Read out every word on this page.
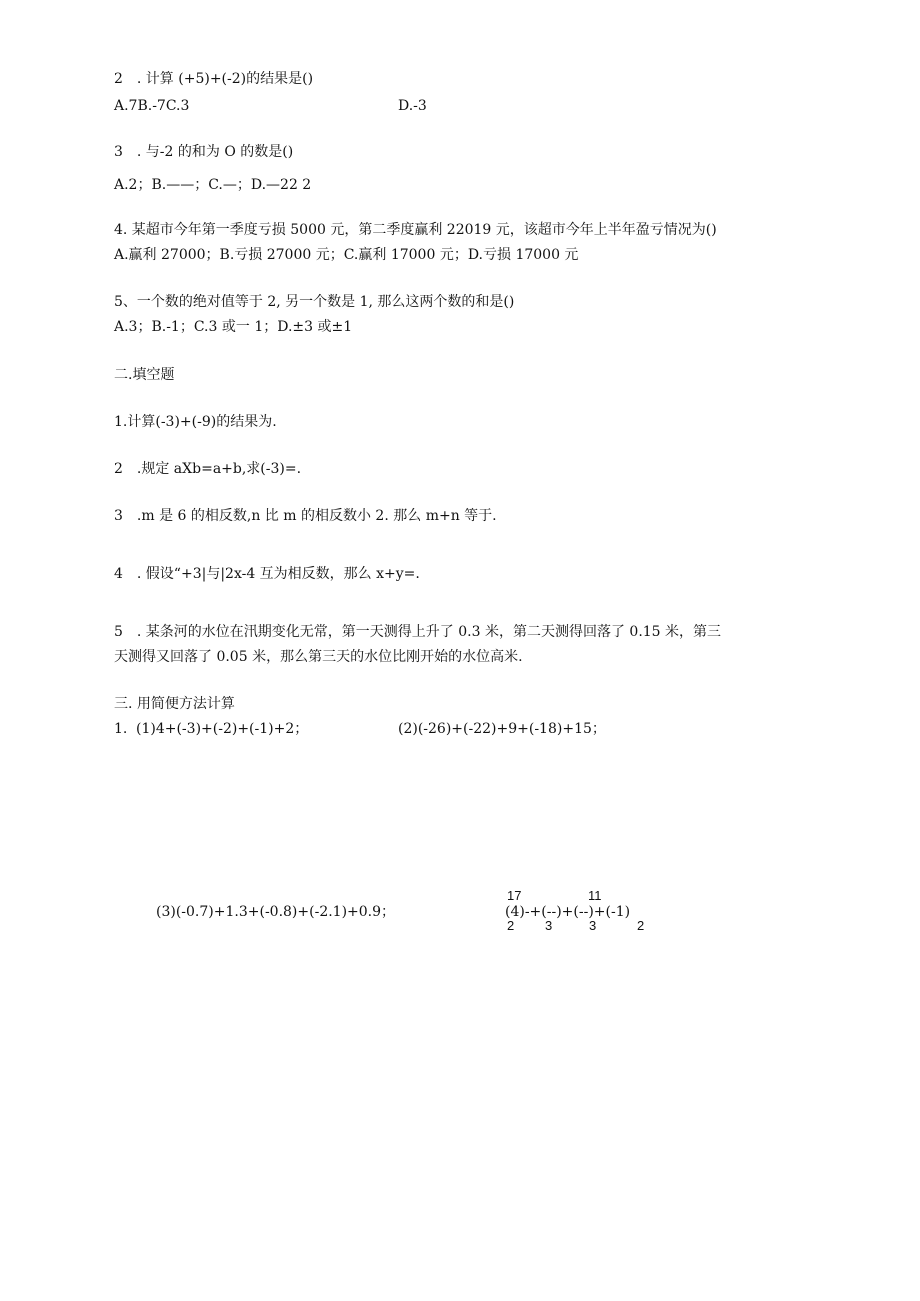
2　. 计算 (+5)+(-2)的结果是()
A.7B.-7C.3	D.-3
3　. 与-2 的和为 O 的数是()
A.2；B.——；C.—；D.—22 2
4. 某超市今年第一季度亏损 5000 元，第二季度赢利 22019 元，该超市今年上半年盈亏情况为()
A.赢利 27000；B.亏损 27000 元；C.赢利 17000 元；D.亏损 17000 元
5、一个数的绝对值等于 2, 另一个数是 1, 那么这两个数的和是()
A.3；B.-1；C.3 或一 1；D.±3 或±1
二.填空题
1.计算(-3)+(-9)的结果为.
2　.规定 aXb=a+b,求(-3)=.
3　.m 是 6 的相反数,n 比 m 的相反数小 2. 那么 m+n 等于.
4　. 假设“+3|与|2x-4 互为相反数，那么 x+y=.
5　. 某条河的水位在汛期变化无常，第一天测得上升了 0.3 米，第二天测得回落了 0.15 米，第三
天测得又回落了 0.05 米，那么第三天的水位比刚开始的水位高米.
三. 用简便方法计算
1. (1)4+(-3)+(-2)+(-1)+2；	(2)(-26)+(-22)+9+(-18)+15；
(3)(-0.7)+1.3+(-0.8)+(-2.1)+0.9；
17	11
(4)-+(--)+(--)+(-1)
2 3	3	2
